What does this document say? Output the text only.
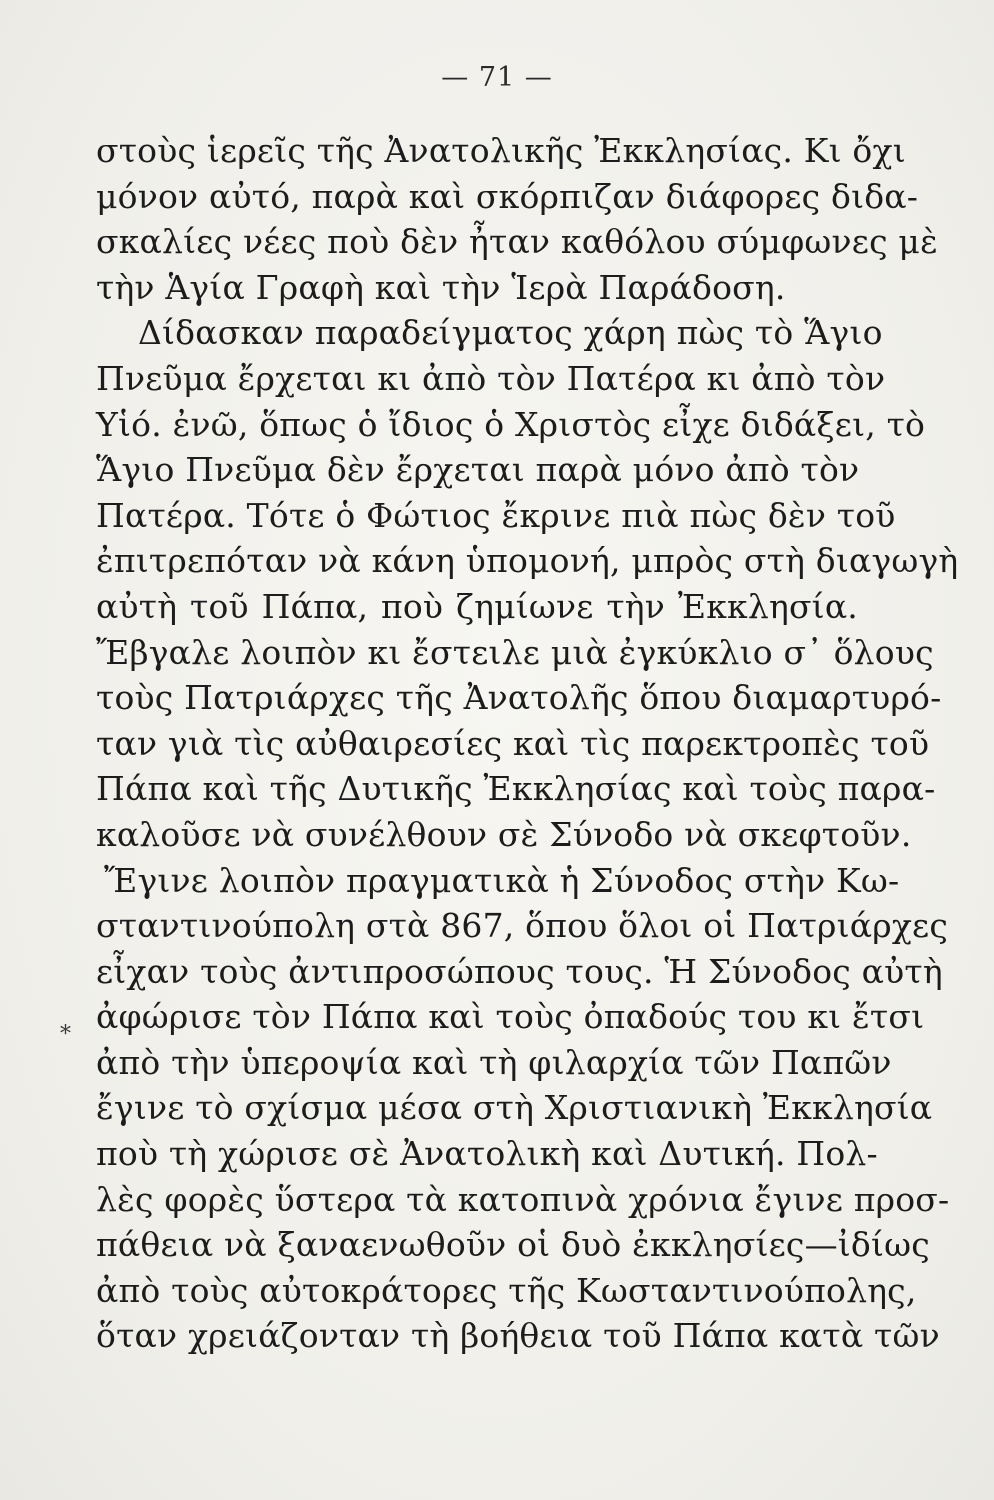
— 71 —
*
στοὺς ἱερεῖς τῆς Ἀνατολικῆς Ἐκκλησίας. Κι ὄχι
μόνον αὐτό, παρὰ καὶ σκόρπιζαν διάφορες διδα-
σκαλίες νέες ποὺ δὲν ἦταν καθόλου σύμφωνες μὲ
τὴν Ἁγία Γραφὴ καὶ τὴν Ἱερὰ Παράδοση.
Δίδασκαν παραδείγματος χάρη πὼς τὸ Ἅγιο
Πνεῦμα ἔρχεται κι ἀπὸ τὸν Πατέρα κι ἀπὸ τὸν
Υἱό. ἐνῶ, ὅπως ὁ ἴδιος ὁ Χριστὸς εἶχε διδάξει, τὸ
Ἅγιο Πνεῦμα δὲν ἔρχεται παρὰ μόνο ἀπὸ τὸν
Πατέρα. Τότε ὁ Φώτιος ἔκρινε πιὰ πὼς δὲν τοῦ
ἐπιτρεπόταν νὰ κάνη ὑπομονή, μπρὸς στὴ διαγωγὴ
αὐτὴ τοῦ Πάπα, ποὺ ζημίωνε τὴν Ἐκκλησία.
Ἔβγαλε λοιπὸν κι ἔστειλε μιὰ ἐγκύκλιο σ᾽ ὅλους
τοὺς Πατριάρχες τῆς Ἀνατολῆς ὅπου διαμαρτυρό-
ταν γιὰ τὶς αὐθαιρεσίες καὶ τὶς παρεκτροπὲς τοῦ
Πάπα καὶ τῆς Δυτικῆς Ἐκκλησίας καὶ τοὺς παρα-
καλοῦσε νὰ συνέλθουν σὲ Σύνοδο νὰ σκεφτοῦν.
Ἔγινε λοιπὸν πραγματικὰ ἡ Σύνοδος στὴν Κω-
σταντινούπολη στὰ 867, ὅπου ὅλοι οἱ Πατριάρχες
εἶχαν τοὺς ἀντιπροσώπους τους. Ἡ Σύνοδος αὐτὴ
ἀφώρισε τὸν Πάπα καὶ τοὺς ὀπαδούς του κι ἔτσι
ἀπὸ τὴν ὑπεροψία καὶ τὴ φιλαρχία τῶν Παπῶν
ἔγινε τὸ σχίσμα μέσα στὴ Χριστιανικὴ Ἐκκλησία
ποὺ τὴ χώρισε σὲ Ἀνατολικὴ καὶ Δυτική. Πολ-
λὲς φορὲς ὕστερα τὰ κατοπινὰ χρόνια ἔγινε προσ-
πάθεια νὰ ξαναενωθοῦν οἱ δυὸ ἐκκλησίες—ἰδίως
ἀπὸ τοὺς αὐτοκράτορες τῆς Κωσταντινούπολης,
ὅταν χρειάζονταν τὴ βοήθεια τοῦ Πάπα κατὰ τῶν
